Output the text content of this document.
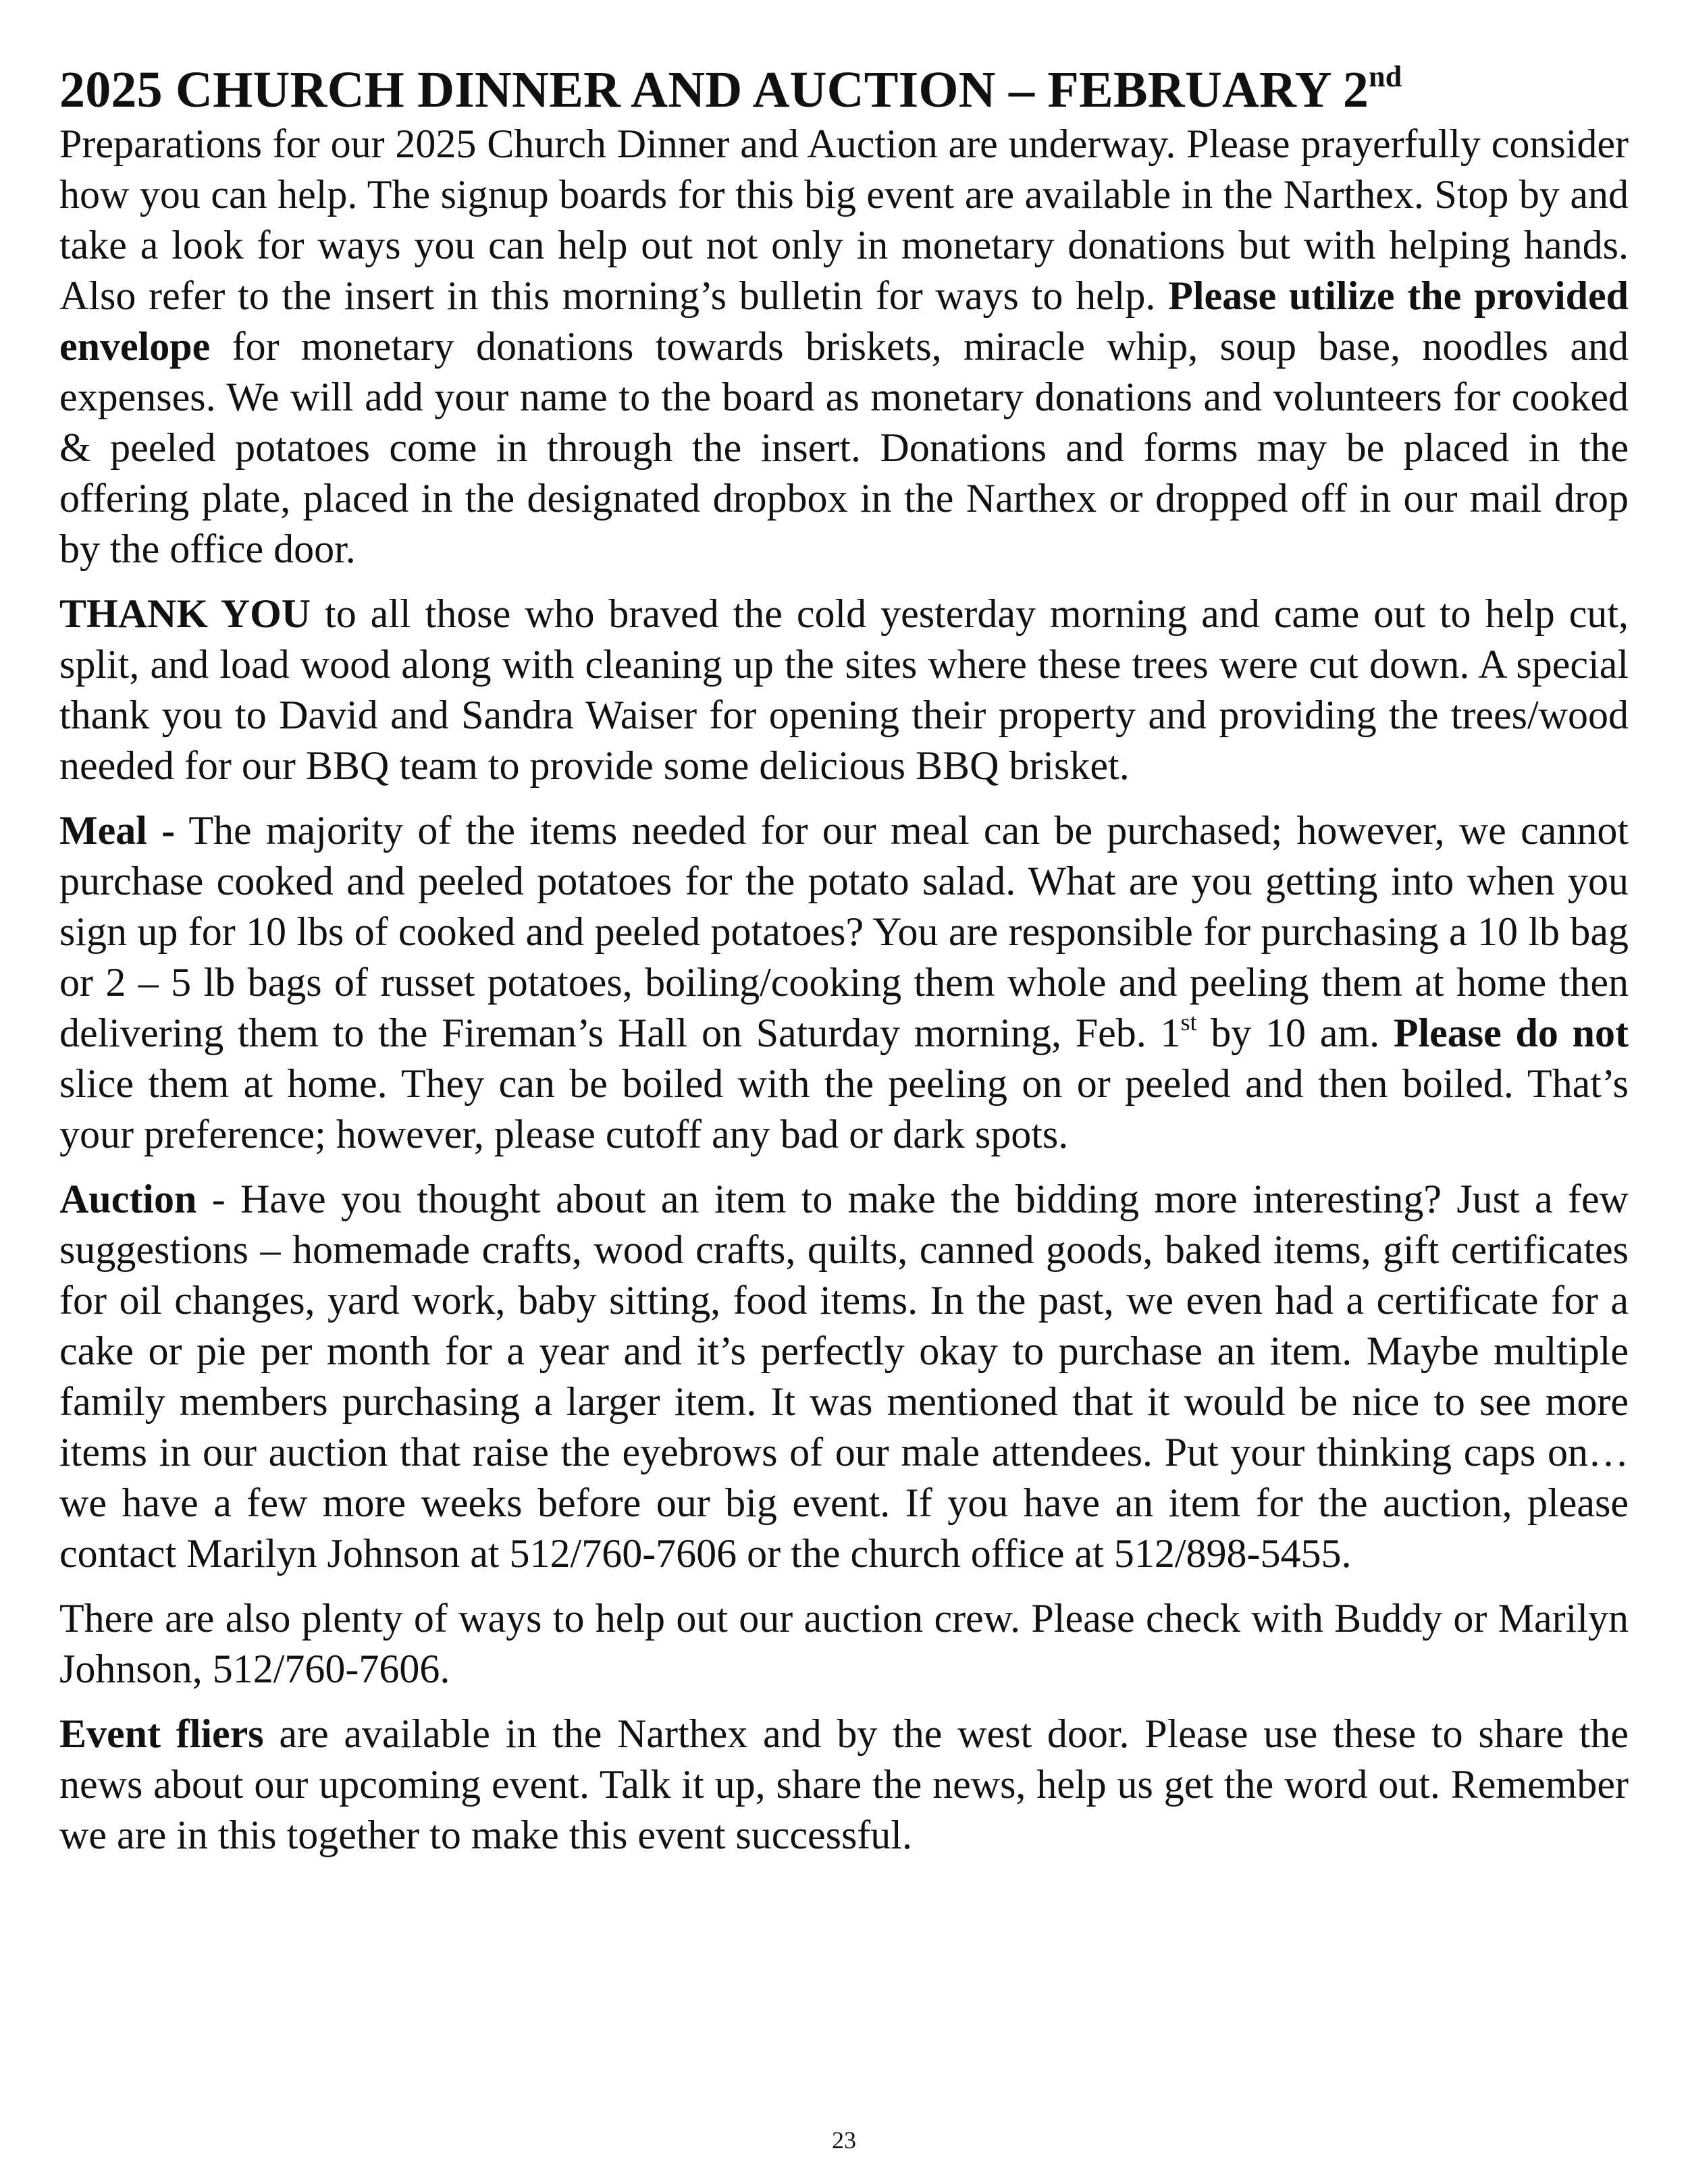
2025 CHURCH DINNER AND AUCTION – FEBRUARY 2nd

Preparations for our 2025 Church Dinner and Auction are underway. Please prayerfully consider how you can help. The signup boards for this big event are available in the Narthex. Stop by and take a look for ways you can help out not only in monetary donations but with helping hands. Also refer to the insert in this morning’s bulletin for ways to help. Please utilize the provided envelope for monetary donations towards briskets, miracle whip, soup base, noodles and expenses. We will add your name to the board as monetary donations and volunteers for cooked & peeled potatoes come in through the insert. Donations and forms may be placed in the offering plate, placed in the designated dropbox in the Narthex or dropped off in our mail drop by the office door.

THANK YOU to all those who braved the cold yesterday morning and came out to help cut, split, and load wood along with cleaning up the sites where these trees were cut down. A special thank you to David and Sandra Waiser for opening their property and providing the trees/wood needed for our BBQ team to provide some delicious BBQ brisket.

Meal - The majority of the items needed for our meal can be purchased; however, we cannot purchase cooked and peeled potatoes for the potato salad. What are you getting into when you sign up for 10 lbs of cooked and peeled potatoes? You are responsible for purchasing a 10 lb bag or 2 – 5 lb bags of russet potatoes, boiling/cooking them whole and peeling them at home then delivering them to the Fireman’s Hall on Saturday morning, Feb. 1st by 10 am. Please do not slice them at home. They can be boiled with the peeling on or peeled and then boiled. That’s your preference; however, please cutoff any bad or dark spots.

Auction - Have you thought about an item to make the bidding more interesting? Just a few suggestions – homemade crafts, wood crafts, quilts, canned goods, baked items, gift certificates for oil changes, yard work, baby sitting, food items. In the past, we even had a certificate for a cake or pie per month for a year and it’s perfectly okay to purchase an item. Maybe multiple family members purchasing a larger item. It was mentioned that it would be nice to see more items in our auction that raise the eyebrows of our male attendees. Put your thinking caps on…we have a few more weeks before our big event. If you have an item for the auction, please contact Marilyn Johnson at 512/760-7606 or the church office at 512/898-5455.

There are also plenty of ways to help out our auction crew. Please check with Buddy or Marilyn Johnson, 512/760-7606.

Event fliers are available in the Narthex and by the west door. Please use these to share the news about our upcoming event. Talk it up, share the news, help us get the word out. Remember we are in this together to make this event successful.

23
